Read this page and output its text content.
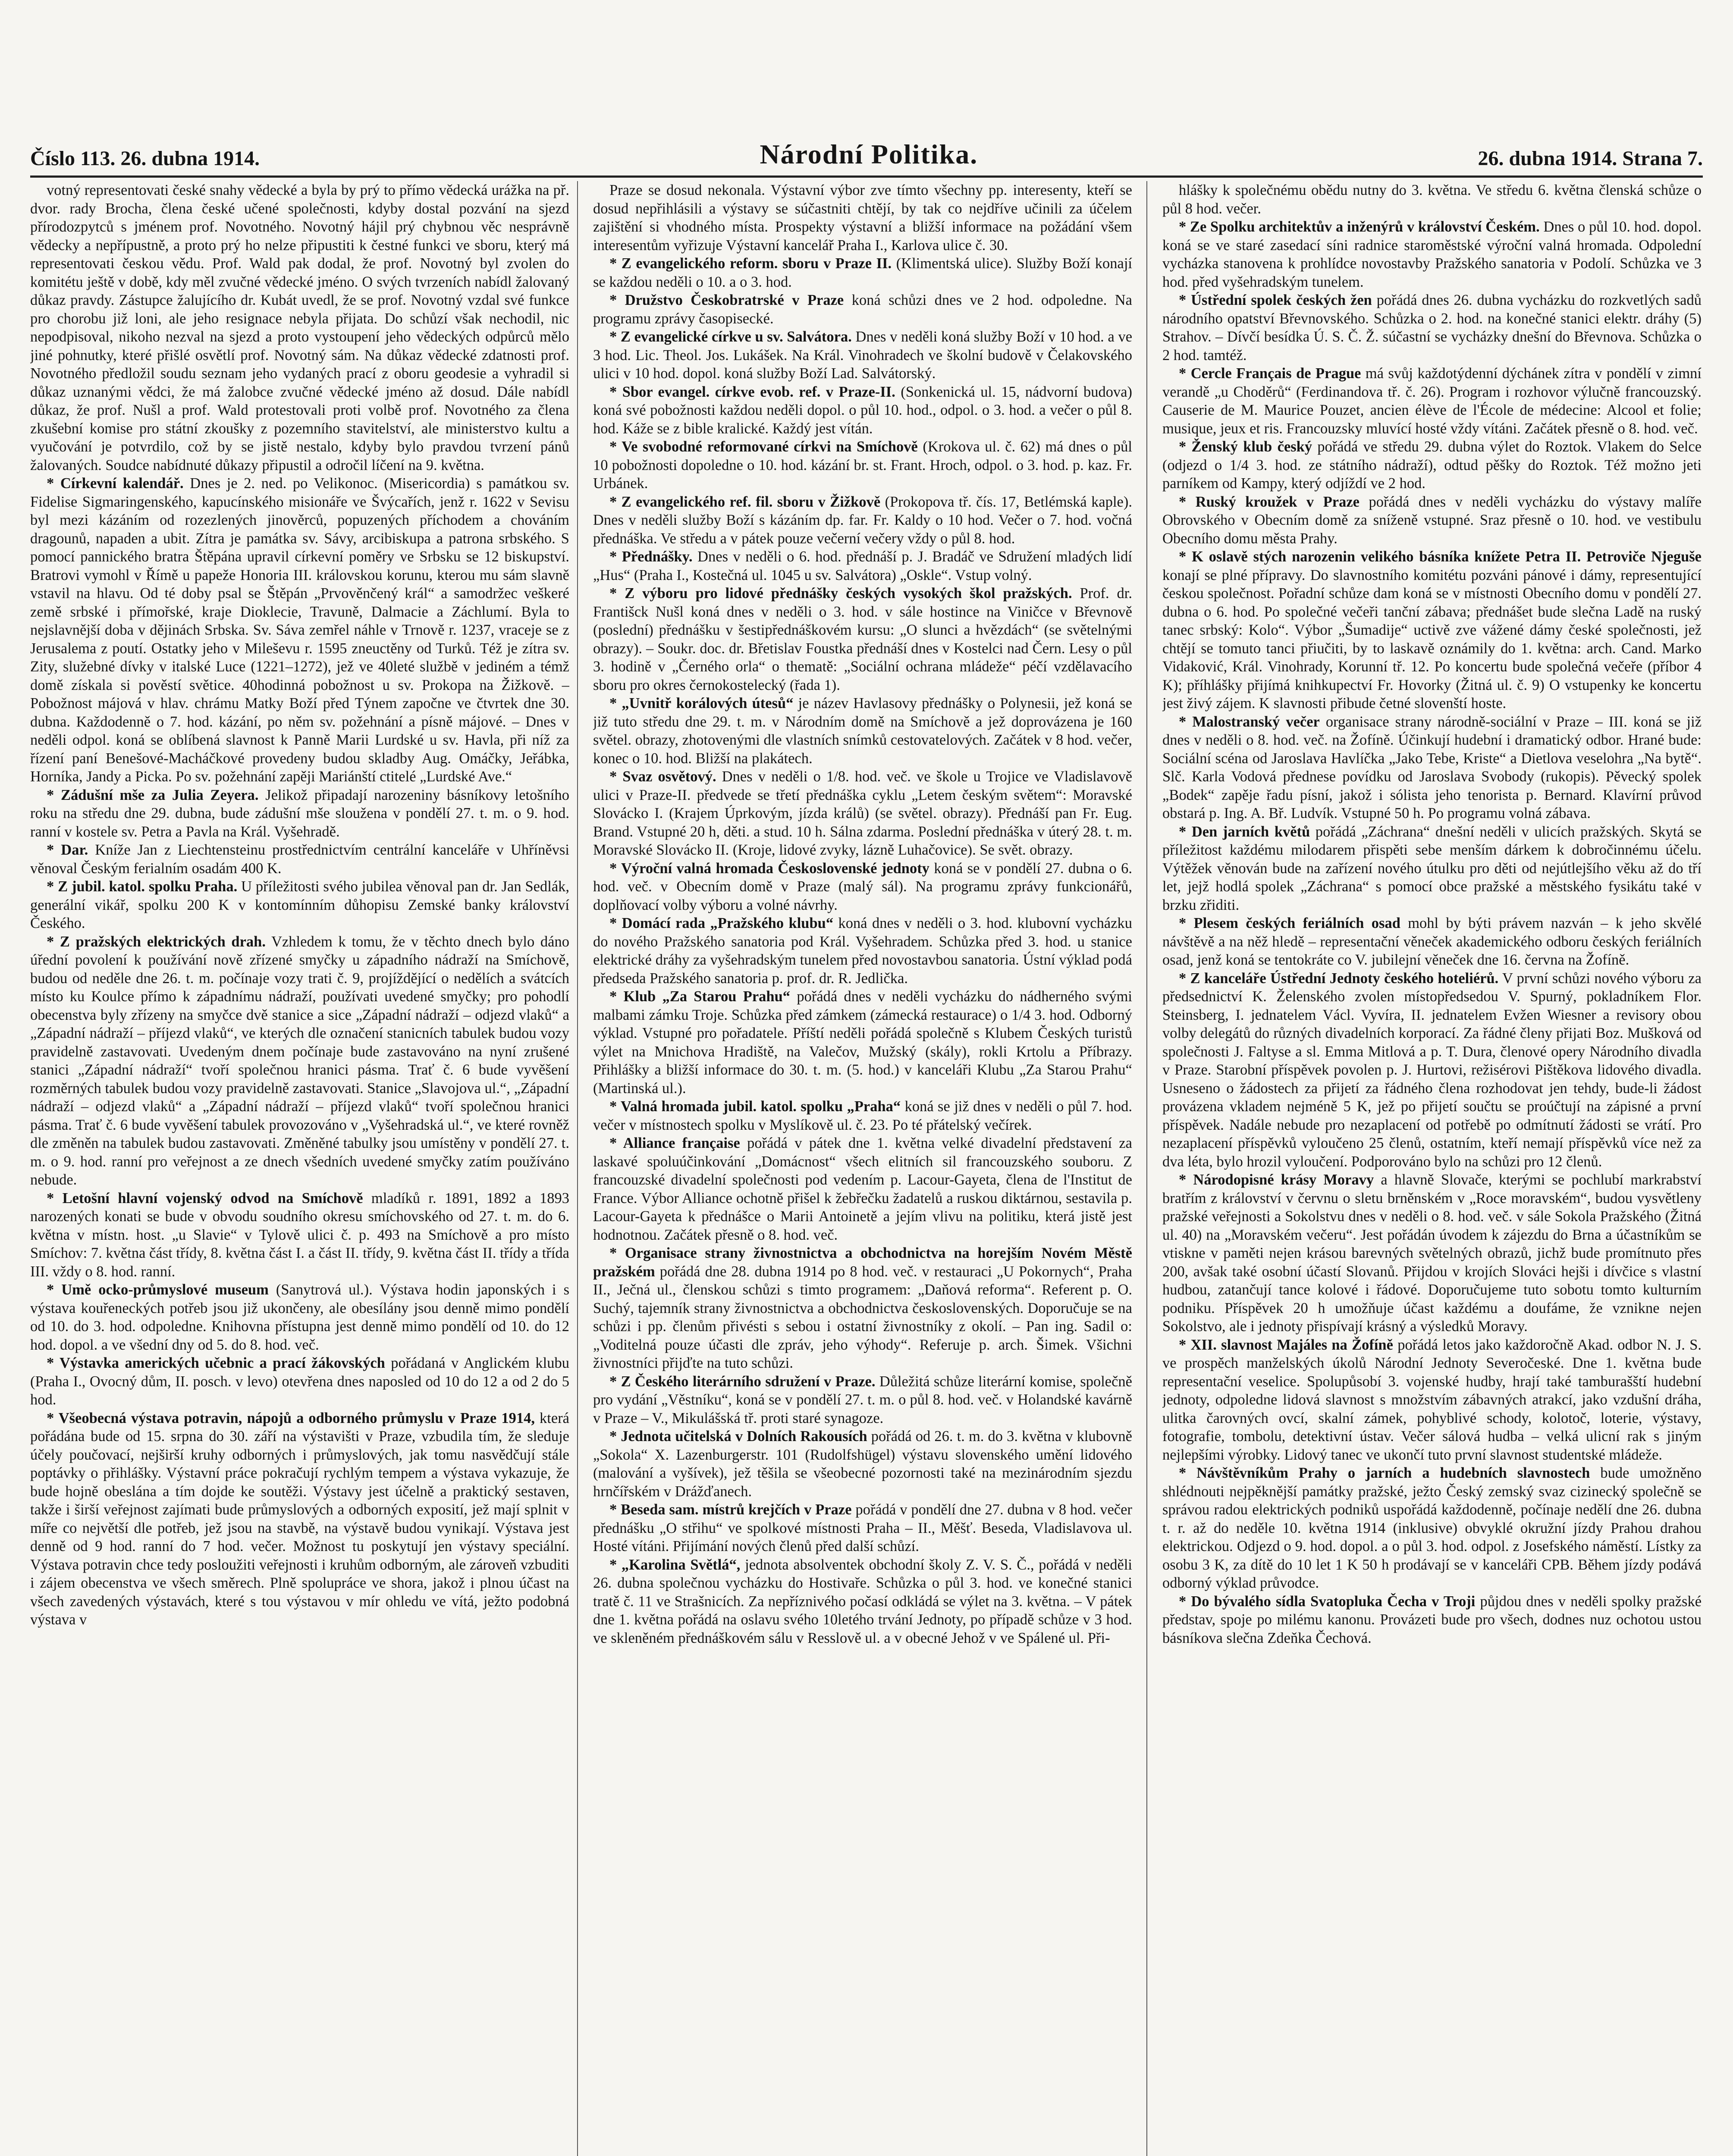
Číslo 113. 26. dubna 1914.	Národní Politika.	26. dubna 1914. Strana 7.

votný representovati české snahy vědecké a byla by prý to přímo vědecká urážka na př. dvor. rady Brocha, člena české učené společnosti, kdyby dostal pozvání na sjezd přírodozpytců s jménem prof. Novotného. Novotný hájil prý chybnou věc nesprávně vědecky a nepřípustně, a proto prý ho nelze připustiti k čestné funkci ve sboru, který má representovati českou vědu. Prof. Wald pak dodal, že prof. Novotný byl zvolen do komitétu ještě v době, kdy měl zvučné vědecké jméno. O svých tvrzeních nabídl žalovaný důkaz pravdy. Zástupce žalujícího dr. Kubát uvedl, že se prof. Novotný vzdal své funkce pro chorobu již loni, ale jeho resignace nebyla přijata. Do schůzí však nechodil, nic nepodpisoval, nikoho nezval na sjezd a proto vystoupení jeho vědeckých odpůrců mělo jiné pohnutky, které přišlé osvětlí prof. Novotný sám. Na důkaz vědecké zdatnosti prof. Novotného předložil soudu seznam jeho vydaných prací z oboru geodesie a vyhradil si důkaz uznanými vědci, že má žalobce zvučné vědecké jméno až dosud. Dále nabídl důkaz, že prof. Nušl a prof. Wald protestovali proti volbě prof. Novotného za člena zkušební komise pro státní zkoušky z pozemního stavitelství, ale ministerstvo kultu a vyučování je potvrdilo, což by se jistě nestalo, kdyby bylo pravdou tvrzení pánů žalovaných. Soudce nabídnuté důkazy připustil a odročil líčení na 9. května.

* Církevní kalendář. Dnes je 2. ned. po Velikonoc. (Misericordia) s památkou sv. Fidelise Sigmaringenského, kapucínského misionáře ve Švýcařích, jenž r. 1622 v Sevisu byl mezi kázáním od rozezlených jinověrců, popuzených příchodem a chováním dragounů, napaden a ubit. Zítra je památka sv. Sávy, arcibiskupa a patrona srbského. S pomocí pannického bratra Štěpána upravil církevní poměry ve Srbsku se 12 biskupství. Bratrovi vymohl v Římě u papeže Honoria III. královskou korunu, kterou mu sám slavně vstavil na hlavu. Od té doby psal se Štěpán „Prvověnčený král“ a samodržec veškeré země srbské i přímořské, kraje Dioklecie, Travuně, Dalmacie a Záchlumí. Byla to nejslavnější doba v dějinách Srbska. Sv. Sáva zemřel náhle v Trnově r. 1237, vraceje se z Jerusalema z poutí. Ostatky jeho v Mileševu r. 1595 zneuctěny od Turků. Též je zítra sv. Zity, služebné dívky v italské Luce (1221–1272), jež ve 40leté službě v jediném a témž domě získala si pověstí světice. 40hodinná pobožnost u sv. Prokopa na Žižkově. – Pobožnost májová v hlav. chrámu Matky Boží před Týnem započne ve čtvrtek dne 30. dubna. Každodenně o 7. hod. kázání, po něm sv. požehnání a písně májové. – Dnes v neděli odpol. koná se oblíbená slavnost k Panně Marii Lurdské u sv. Havla, při níž za řízení paní Benešové-Macháčkové provedeny budou skladby Aug. Omáčky, Jeřábka, Horníka, Jandy a Picka. Po sv. požehnání zapěji Mariánští ctitelé „Lurdské Ave.“

* Zádušní mše za Julia Zeyera. Jelikož připadají narozeniny básníkovy letošního roku na středu dne 29. dubna, bude zádušní mše sloužena v pondělí 27. t. m. o 9. hod. ranní v kostele sv. Petra a Pavla na Král. Vyšehradě.

* Dar. Kníže Jan z Liechtensteinu prostřednictvím centrální kanceláře v Uhříněvsi věnoval Českým ferialním osadám 400 K.

* Z jubil. katol. spolku Praha. U příležitosti svého jubilea věnoval pan dr. Jan Sedlák, generální vikář, spolku 200 K v kontomínním důhopisu Zemské banky království Českého.

* Z pražských elektrických drah. Vzhledem k tomu, že v těchto dnech bylo dáno úřední povolení k používání nově zřízené smyčky u západního nádraží na Smíchově, budou od neděle dne 26. t. m. počínaje vozy trati č. 9, projíždějící o nedělích a svátcích místo ku Koulce přímo k západnímu nádraží, používati uvedené smyčky; pro pohodlí obecenstva byly zřízeny na smyčce dvě stanice a sice „Západní nádraží – odjezd vlaků“ a „Západní nádraží – příjezd vlaků“, ve kterých dle označení stanicních tabulek budou vozy pravidelně zastavovati. Uvedeným dnem počínaje bude zastavováno na nyní zrušené stanici „Západní nádraží“ tvoří společnou hranici pásma. Trať č. 6 bude vyvěšení rozměrných tabulek budou vozy pravidelně zastavovati. Stanice „Slavojova ul.“, „Západní nádraží – odjezd vlaků“ a „Západní nádraží – příjezd vlaků“ tvoří společnou hranici pásma. Trať č. 6 bude vyvěšení tabulek provozováno v „Vyšehradská ul.“, ve které rovněž dle změněn na tabulek budou zastavovati. Změněné tabulky jsou umístěny v pondělí 27. t. m. o 9. hod. ranní pro veřejnost a ze dnech všedních uvedené smyčky zatím používáno nebude.

* Letošní hlavní vojenský odvod na Smíchově mladíků r. 1891, 1892 a 1893 narozených konati se bude v obvodu soudního okresu smíchovského od 27. t. m. do 6. května v místn. host. „u Slavie“ v Tylově ulici č. p. 493 na Smíchově a pro místo Smíchov: 7. května část třídy, 8. května část I. a část II. třídy, 9. května část II. třídy a třída III. vždy o 8. hod. ranní.

* Umě ocko-průmyslové museum (Sanytrová ul.). Výstava hodin japonských i s výstava kouřeneckých potřeb jsou již ukončeny, ale obesílány jsou denně mimo pondělí od 10. do 3. hod. odpoledne. Knihovna přístupna jest denně mimo pondělí od 10. do 12 hod. dopol. a ve všední dny od 5. do 8. hod. več.

* Výstavka amerických učebnic a prací žákovských pořádaná v Anglickém klubu (Praha I., Ovocný dům, II. posch. v levo) otevřena dnes naposled od 10 do 12 a od 2 do 5 hod.

* Všeobecná výstava potravin, nápojů a odborného průmyslu v Praze 1914, která pořádána bude od 15. srpna do 30. září na výstavišti v Praze, vzbudila tím, že sleduje účely poučovací, nejširší kruhy odborných i průmyslových, jak tomu nasvědčují stále poptávky o přihlášky. Výstavní práce pokračují rychlým tempem a výstava vykazuje, že bude hojně obeslána a tím dojde ke soutěži. Výstavy jest účelně a praktický sestaven, takže i širší veřejnost zajímati bude průmyslových a odborných exposití, jež mají splnit v míře co největší dle potřeb, jež jsou na stavbě, na výstavě budou vynikají. Výstava jest denně od 9 hod. ranní do 7 hod. večer. Možnost tu poskytují jen výstavy speciální. Výstava potravin chce tedy posloužiti veřejnosti i kruhům odborným, ale zároveň vzbuditi i zájem obecenstva ve všech směrech. Plně spolupráce ve shora, jakož i plnou účast na všech zavedených výstavách, které s tou výstavou v mír ohledu ve vítá, ježto podobná výstava v

Praze se dosud nekonala. Výstavní výbor zve tímto všechny pp. interesenty, kteří se dosud nepřihlásili a výstavy se súčastniti chtějí, by tak co nejdříve učinili za účelem zajištění si vhodného místa. Prospekty výstavní a bližší informace na požádání všem interesentům vyřizuje Výstavní kancelář Praha I., Karlova ulice č. 30.

* Z evangelického reform. sboru v Praze II. (Klimentská ulice). Služby Boží konají se každou neděli o 10. a o 3. hod.

* Družstvo Českobratrské v Praze koná schůzi dnes ve 2 hod. odpoledne. Na programu zprávy časopisecké.

* Z evangelické církve u sv. Salvátora. Dnes v neděli koná služby Boží v 10 hod. a ve 3 hod. Lic. Theol. Jos. Lukášek. Na Král. Vinohradech ve školní budově v Čelakovského ulici v 10 hod. dopol. koná služby Boží Lad. Salvátorský.

* Sbor evangel. církve evob. ref. v Praze-II. (Sonkenická ul. 15, nádvorní budova) koná své pobožnosti každou neděli dopol. o půl 10. hod., odpol. o 3. hod. a večer o půl 8. hod. Káže se z bible kralické. Každý jest vítán.

* Ve svobodné reformované církvi na Smíchově (Krokova ul. č. 62) má dnes o půl 10 pobožnosti dopoledne o 10. hod. kázání br. st. Frant. Hroch, odpol. o 3. hod. p. kaz. Fr. Urbánek.

* Z evangelického ref. fil. sboru v Žižkově (Prokopova tř. čís. 17, Betlémská kaple). Dnes v neděli služby Boží s kázáním dp. far. Fr. Kaldy o 10 hod. Večer o 7. hod. vočná přednáška. Ve středu a v pátek pouze večerní večery vždy o půl 8. hod.

* Přednášky. Dnes v neděli o 6. hod. přednáší p. J. Bradáč ve Sdružení mladých lidí „Hus“ (Praha I., Kostečná ul. 1045 u sv. Salvátora) „Oskle“. Vstup volný.

* Z výboru pro lidové přednášky českých vysokých škol pražských. Prof. dr. Františck Nušl koná dnes v neděli o 3. hod. v sále hostince na Viničce v Břevnově (poslední) přednášku v šestipřednáškovém kursu: „O slunci a hvězdách“ (se světelnými obrazy). – Soukr. doc. dr. Břetislav Foustka přednáší dnes v Kostelci nad Čern. Lesy o půl 3. hodině v „Černého orla“ o thematě: „Sociální ochrana mládeže“ péčí vzdělavacího sboru pro okres černokostelecký (řada 1).

* „Uvnitř korálových útesů“ je název Havlasovy přednášky o Polynesii, jež koná se již tuto středu dne 29. t. m. v Národním domě na Smíchově a jež doprovázena je 160 světel. obrazy, zhotovenými dle vlastních snímků cestovatelových. Začátek v 8 hod. večer, konec o 10. hod. Bližší na plakátech.

* Svaz osvětový. Dnes v neděli o 1/8. hod. več. ve škole u Trojice ve Vladislavově ulici v Praze-II. předvede se třetí přednáška cyklu „Letem českým světem“: Moravské Slovácko I. (Krajem Úprkovým, jízda králů) (se světel. obrazy). Přednáší pan Fr. Eug. Brand. Vstupné 20 h, děti. a stud. 10 h. Sálna zdarma. Poslední přednáška v úterý 28. t. m. Moravské Slovácko II. (Kroje, lidové zvyky, lázně Luhačovice). Se svět. obrazy.

* Výroční valná hromada Československé jednoty koná se v pondělí 27. dubna o 6. hod. več. v Obecním domě v Praze (malý sál). Na programu zprávy funkcionářů, doplňovací volby výboru a volné návrhy.

* Domácí rada „Pražského klubu“ koná dnes v neděli o 3. hod. klubovní vycházku do nového Pražského sanatoria pod Král. Vyšehradem. Schůzka před 3. hod. u stanice elektrické dráhy za vyšehradským tunelem před novostavbou sanatoria. Ústní výklad podá předseda Pražského sanatoria p. prof. dr. R. Jedlička.

* Klub „Za Starou Prahu“ pořádá dnes v neděli vycházku do nádherného svými malbami zámku Troje. Schůzka před zámkem (zámecká restaurace) o 1/4 3. hod. Odborný výklad. Vstupné pro pořadatele. Příští neděli pořádá společně s Klubem Českých turistů výlet na Mnichova Hradiště, na Valečov, Mužský (skály), rokli Krtolu a Příbrazy. Přihlášky a bližší informace do 30. t. m. (5. hod.) v kanceláři Klubu „Za Starou Prahu“ (Martinská ul.).

* Valná hromada jubil. katol. spolku „Praha“ koná se již dnes v neděli o půl 7. hod. večer v místnostech spolku v Myslíkově ul. č. 23. Po té přátelský večírek.

* Alliance française pořádá v pátek dne 1. května velké divadelní představení za laskavé spoluúčinkování „Domácnost“ všech elitních sil francouzského souboru. Z francouzské divadelní společnosti pod vedením p. Lacour-Gayeta, člena de l'Institut de France. Výbor Alliance ochotně přišel k žebřečku žadatelů a ruskou diktárnou, sestavila p. Lacour-Gayeta k přednášce o Marii Antoinetě a jejím vlivu na politiku, která jistě jest hodnotnou. Začátek přesně o 8. hod. več.

* Organisace strany živnostnictva a obchodnictva na horejším Novém Městě pražském pořádá dne 28. dubna 1914 po 8 hod. več. v restauraci „U Pokornych“, Praha II., Ječná ul., členskou schůzi s timto programem: „Daňová reforma“. Referent p. O. Suchý, tajemník strany živnostnictva a obchodnictva československých. Doporučuje se na schůzi i pp. členům přivésti s sebou i ostatní živnostníky z okolí. – Pan ing. Sadil o: „Voditelná pouze účasti dle zpráv, jeho výhody“. Referuje p. arch. Šimek. Všichni živnostníci přijďte na tuto schůzi.

* Z Českého literárního sdružení v Praze. Důležitá schůze literární komise, společně pro vydání „Věstníku“, koná se v pondělí 27. t. m. o půl 8. hod. več. v Holandské kavárně v Praze – V., Mikulášská tř. proti staré synagoze.

* Jednota učitelská v Dolních Rakousích pořádá od 26. t. m. do 3. května v klubovně „Sokola“ X. Lazenburgerstr. 101 (Rudolfshügel) výstavu slovenského umění lidového (malování a vyšívek), jež těšila se všeobecné pozornosti také na mezinárodním sjezdu hrnčířském v Drážďanech.

* Beseda sam. místrů krejčích v Praze pořádá v pondělí dne 27. dubna v 8 hod. večer přednášku „O střihu“ ve spolkové místnosti Praha – II., Měšť. Beseda, Vladislavova ul. Hosté vítáni. Přijímání nových členů před další schůzí.

* „Karolina Světlá“, jednota absolventek obchodní školy Z. V. S. Č., pořádá v neděli 26. dubna společnou vycházku do Hostivaře. Schůzka o půl 3. hod. ve konečné stanici tratě č. 11 ve Strašnicích. Za nepříznivého počasí odkládá se výlet na 3. května. – V pátek dne 1. května pořádá na oslavu svého 10letého trvání Jednoty, po případě schůze v 3 hod. ve skleněném přednáškovém sálu v Resslově ul. a v obecné Jehož v ve Spálené ul. Při-

hlášky k společnému obědu nutny do 3. května. Ve středu 6. května členská schůze o půl 8 hod. večer.

* Ze Spolku architektův a inženýrů v království Českém. Dnes o půl 10. hod. dopol. koná se ve staré zasedací síni radnice staroměstské výroční valná hromada. Odpolední vycházka stanovena k prohlídce novostavby Pražského sanatoria v Podolí. Schůzka ve 3 hod. před vyšehradským tunelem.

* Ústřední spolek českých žen pořádá dnes 26. dubna vycházku do rozkvetlých sadů národního opatství Břevnovského. Schůzka o 2. hod. na konečné stanici elektr. dráhy (5) Strahov. – Dívčí besídka Ú. S. Č. Ž. súčastní se vycházky dnešní do Břevnova. Schůzka o 2 hod. tamtéž.

* Cercle Français de Prague má svůj každotýdenní dýchánek zítra v pondělí v zimní verandě „u Choděrů“ (Ferdinandova tř. č. 26). Program i rozhovor výlučně francouzský. Causerie de M. Maurice Pouzet, ancien élève de l'École de médecine: Alcool et folie; musique, jeux et ris. Francouzsky mluvící hosté vždy vítáni. Začátek přesně o 8. hod. več.

* Ženský klub český pořádá ve středu 29. dubna výlet do Roztok. Vlakem do Selce (odjezd o 1/4 3. hod. ze státního nádraží), odtud pěšky do Roztok. Též možno jeti parníkem od Kampy, který odjíždí ve 2 hod.

* Ruský kroužek v Praze pořádá dnes v neděli vycházku do výstavy malíře Obrovského v Obecním domě za sníženě vstupné. Sraz přesně o 10. hod. ve vestibulu Obecního domu města Prahy.

* K oslavě stých narozenin velikého básníka knížete Petra II. Petroviče Njeguše konají se plné přípravy. Do slavnostního komitétu pozváni pánové i dámy, representující českou společnost. Pořadní schůze dam koná se v místnosti Obecního domu v pondělí 27. dubna o 6. hod. Po společné večeři tanční zábava; přednášet bude slečna Ladě na ruský tanec srbský: Kolo“. Výbor „Šumadije“ uctivě zve vážené dámy české společnosti, jež chtějí se tomuto tanci přiučiti, by to laskavě oznámily do 1. května: arch. Cand. Marko Vidaković, Král. Vinohrady, Korunní tř. 12. Po koncertu bude společná večeře (příbor 4 K); příhlášky přijímá knihkupectví Fr. Hovorky (Žitná ul. č. 9) O vstupenky ke koncertu jest živý zájem. K slavnosti přibude četné slovenští hoste.

* Malostranský večer organisace strany národně-sociální v Praze – III. koná se již dnes v neděli o 8. hod. več. na Žofíně. Účinkují hudební i dramatický odbor. Hrané bude: Sociální scéna od Jaroslava Havlíčka „Jako Tebe, Kriste“ a Dietlova veselohra „Na bytě“. Slč. Karla Vodová přednese povídku od Jaroslava Svobody (rukopis). Pěvecký spolek „Bodek“ zapěje řadu písní, jakož i sólista jeho tenorista p. Bernard. Klavírní průvod obstará p. Ing. A. Bř. Ludvík. Vstupné 50 h. Po programu volná zábava.

* Den jarních květů pořádá „Záchrana“ dnešní neděli v ulicích pražských. Skytá se příležitost každému milodarem přispěti sebe menším dárkem k dobročinnému účelu. Výtěžek věnován bude na zařízení nového útulku pro děti od nejútlejšího věku až do tří let, jejž hodlá spolek „Záchrana“ s pomocí obce pražské a městského fysikátu také v brzku zřiditi.

* Plesem českých feriálních osad mohl by býti právem nazván – k jeho skvělé návštěvě a na něž hledě – representační věneček akademického odboru českých feriálních osad, jenž koná se tentokráte co V. jubilejní věneček dne 16. června na Žofíně.

* Z kanceláře Ústřední Jednoty českého hoteliérů. V první schůzi nového výboru za předsednictví K. Želenského zvolen místopředsedou V. Spurný, pokladníkem Flor. Steinsberg, I. jednatelem Václ. Vyvíra, II. jednatelem Evžen Wiesner a revisory obou volby delegátů do různých divadelních korporací. Za řádné členy přijati Boz. Mušková od společnosti J. Faltyse a sl. Emma Mitlová a p. T. Dura, členové opery Národního divadla v Praze. Starobní příspěvek povolen p. J. Hurtovi, režisérovi Pištěkova lidového divadla. Usneseno o žádostech za přijetí za řádného člena rozhodovat jen tehdy, bude-li žádost provázena vkladem nejméně 5 K, jež po přijetí součtu se proúčtují na zápisné a první příspěvek. Nadále nebude pro nezaplacení od potřebě po odmítnutí žádosti se vrátí. Pro nezaplacení příspěvků vyloučeno 25 členů, ostatním, kteří nemají příspěvků více než za dva léta, bylo hrozil vyloučení. Podporováno bylo na schůzi pro 12 členů.

* Národopisné krásy Moravy a hlavně Slovače, kterými se pochlubí markrabství bratřím z království v červnu o sletu brněnském v „Roce moravském“, budou vysvětleny pražské veřejnosti a Sokolstvu dnes v neděli o 8. hod. več. v sále Sokola Pražského (Žitná ul. 40) na „Moravském večeru“. Jest pořádán úvodem k zájezdu do Brna a účastníkům se vtiskne v paměti nejen krásou barevných světelných obrazů, jichž bude promítnuto přes 200, avšak také osobní účastí Slovanů. Přijdou v krojích Slováci hejši i dívčice s vlastní hudbou, zatančují tance kolové i řádové. Doporučujeme tuto sobotu tomto kulturním podniku. Příspěvek 20 h umožňuje účast každému a doufáme, že vznikne nejen Sokolstvo, ale i jednoty přispívají krásný a výsledků Moravy.

* XII. slavnost Majáles na Žofíně pořádá letos jako každoročně Akad. odbor N. J. S. ve prospěch manželských úkolů Národní Jednoty Severočeské. Dne 1. května bude representační veselice. Spolupůsobí 3. vojenské hudby, hrají také tamburašští hudební jednoty, odpoledne lidová slavnost s množstvím zábavných atrakcí, jako vzdušní dráha, ulitka čarovných ovcí, skalní zámek, pohyblivé schody, kolotoč, loterie, výstavy, fotografie, tombolu, detektivní ústav. Večer sálová hudba – velká ulicní rak s jiným nejlepšími výrobky. Lidový tanec ve ukončí tuto první slavnost studentské mládeže.

* Návštěvníkům Prahy o jarních a hudebních slavnostech bude umožněno shlédnouti nejpěknější památky pražské, ježto Český zemský svaz cizinecký společně se správou radou elektrických podniků uspořádá každodenně, počínaje nedělí dne 26. dubna t. r. až do neděle 10. května 1914 (inklusive) obvyklé okružní jízdy Prahou drahou elektrickou. Odjezd o 9. hod. dopol. a o půl 3. hod. odpol. z Josefského náměstí. Lístky za osobu 3 K, za dítě do 10 let 1 K 50 h prodávají se v kanceláři CPB. Během jízdy podává odborný výklad průvodce.

* Do bývalého sídla Svatopluka Čecha v Troji půjdou dnes v neděli spolky pražské představ, spoje po milému kanonu. Provázeti bude pro všech, dodnes nuz ochotou ustou básníkova slečna Zdeňka Čechová.
